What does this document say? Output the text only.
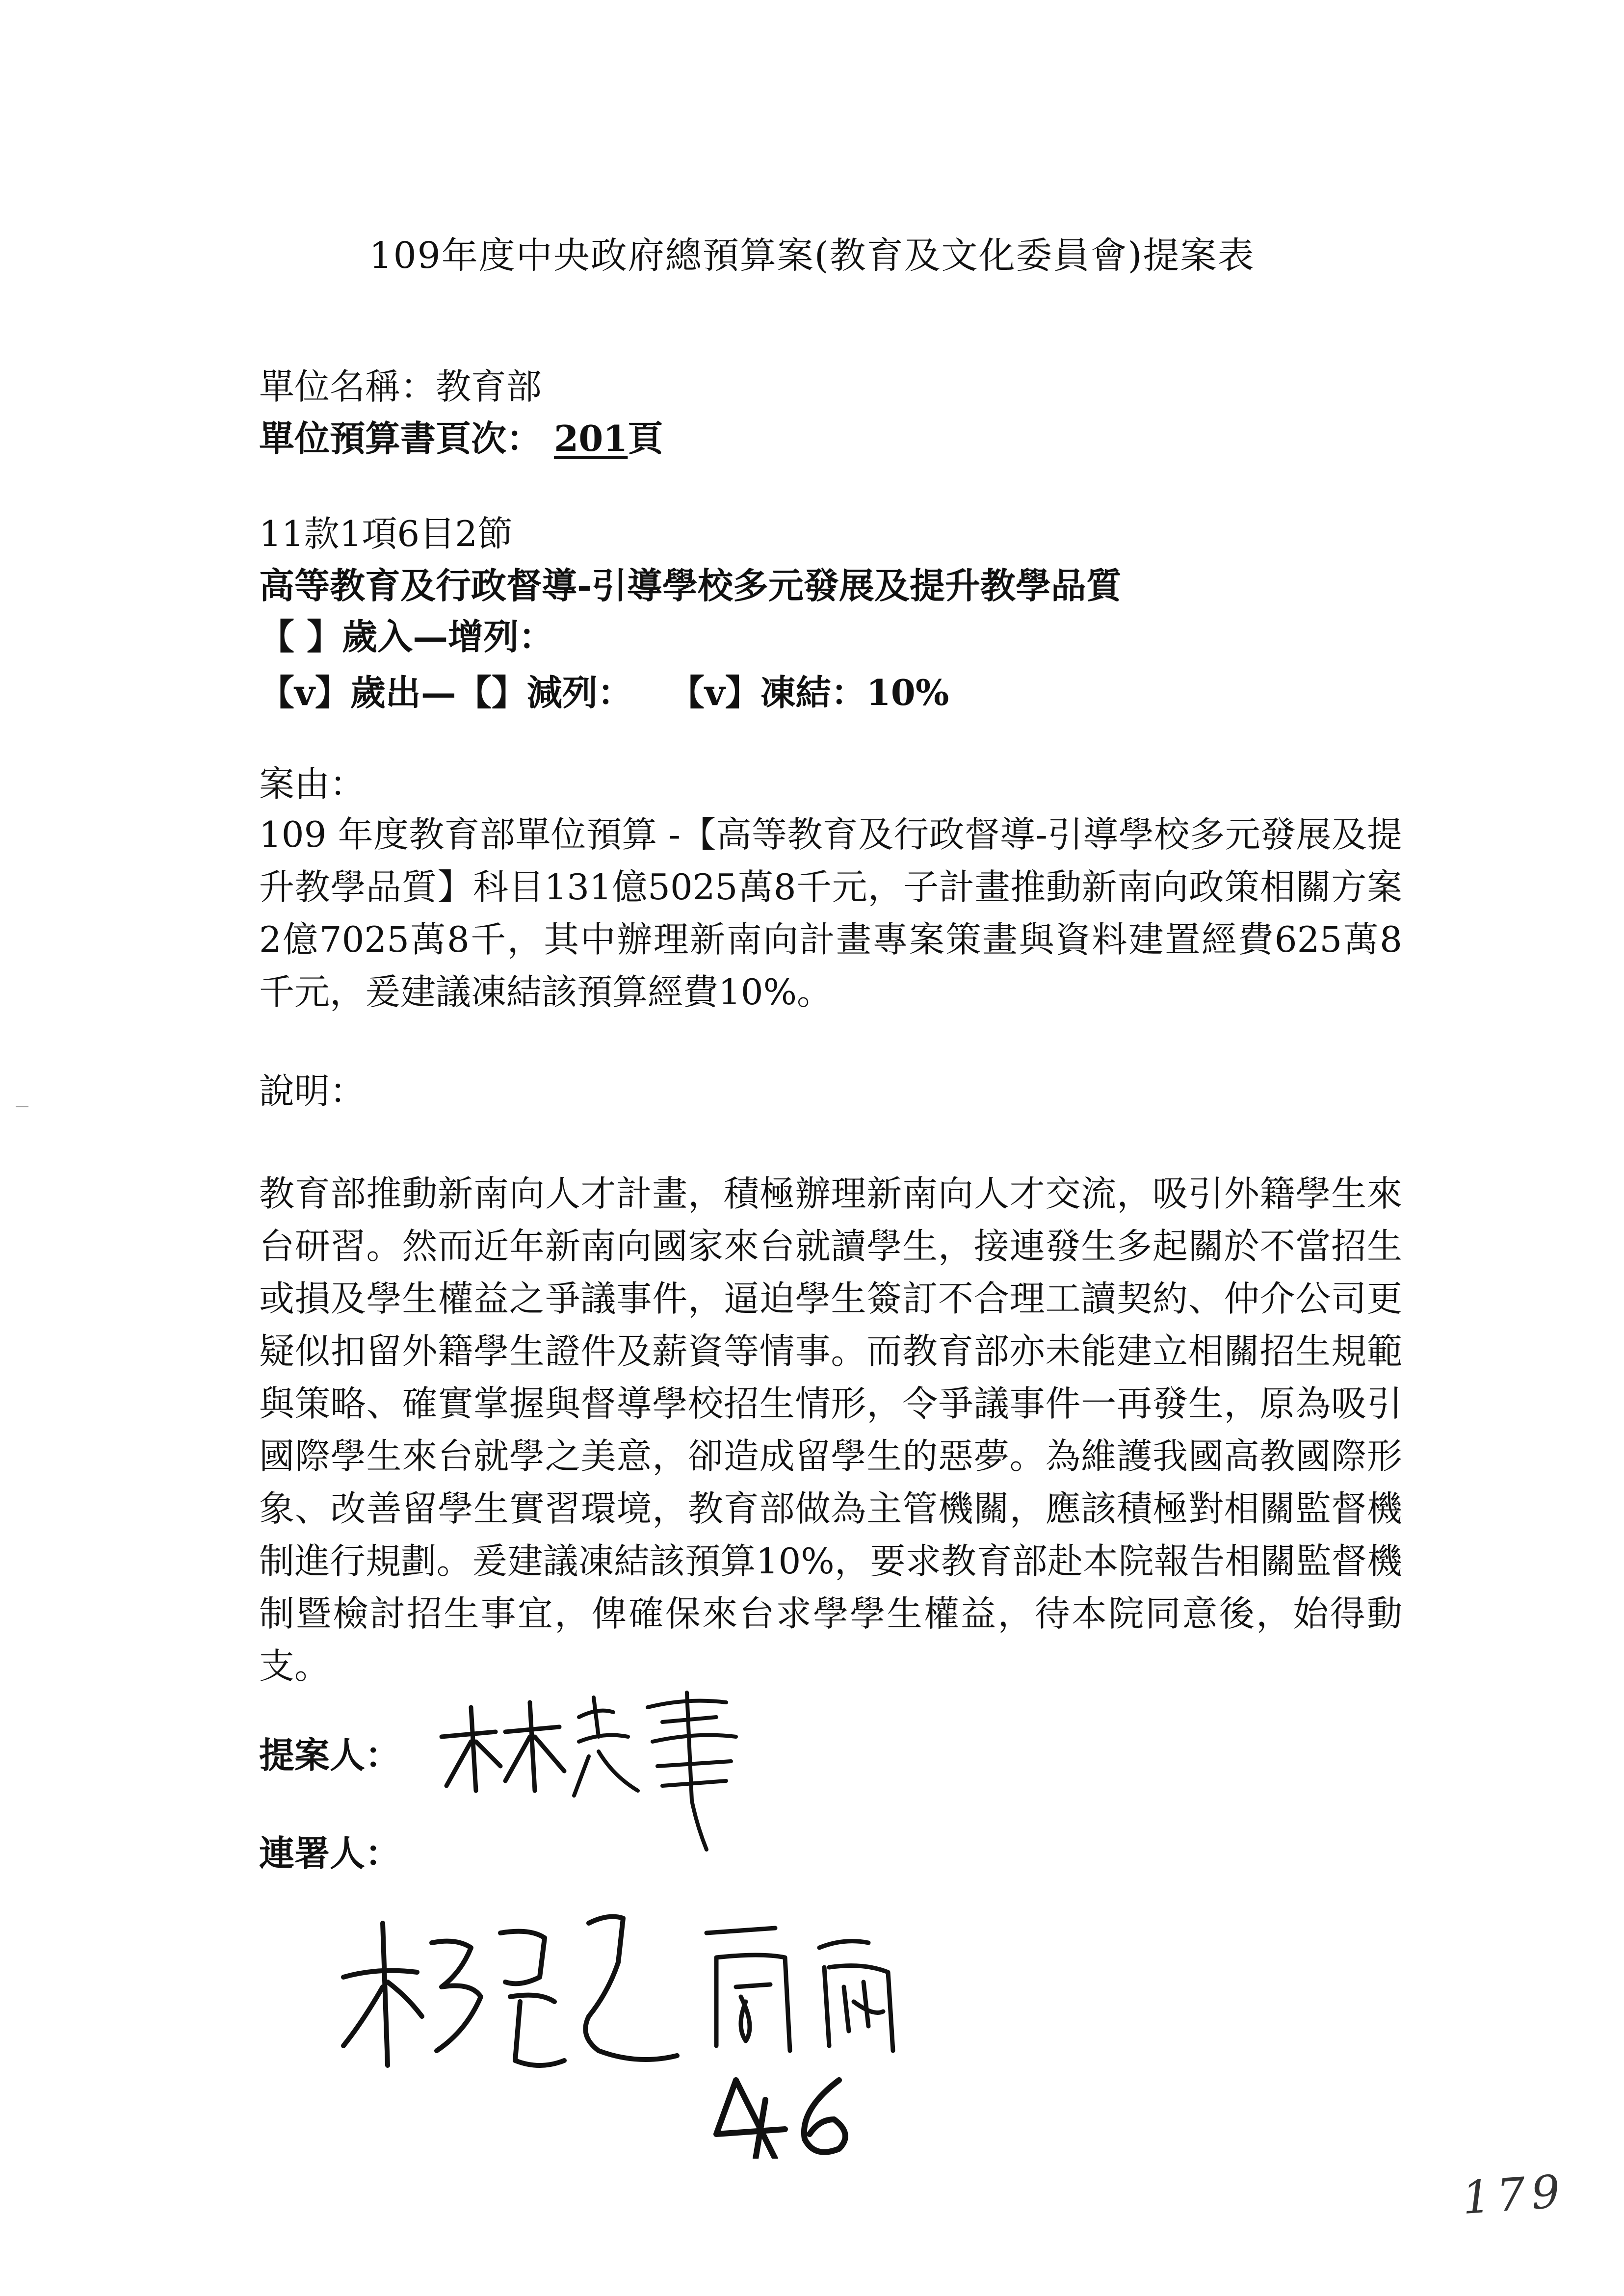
109年度中央政府總預算案(教育及文化委員會)提案表
單位名稱：教育部
單位預算書頁次： 201頁
11款1項6目2節
高等教育及行政督導-引導學校多元發展及提升教學品質
【 】歲入—增列：
【v】歲出—【】減列： 【v】凍結：10%
案由：
109 年度教育部單位預算 -【高等教育及行政督導-引導學校多元發展及提升教學品質】科目131億5025萬8千元，子計畫推動新南向政策相關方案2億7025萬8千，其中辦理新南向計畫專案策畫與資料建置經費625萬8千元，爰建議凍結該預算經費10%。
說明：
教育部推動新南向人才計畫，積極辦理新南向人才交流，吸引外籍學生來台研習。然而近年新南向國家來台就讀學生，接連發生多起關於不當招生或損及學生權益之爭議事件，逼迫學生簽訂不合理工讀契約、仲介公司更疑似扣留外籍學生證件及薪資等情事。而教育部亦未能建立相關招生規範與策略、確實掌握與督導學校招生情形，令爭議事件一再發生，原為吸引國際學生來台就學之美意，卻造成留學生的惡夢。為維護我國高教國際形象、改善留學生實習環境，教育部做為主管機關，應該積極對相關監督機制進行規劃。爰建議凍結該預算10%，要求教育部赴本院報告相關監督機制暨檢討招生事宜，俾確保來台求學學生權益，待本院同意後，始得動支。
提案人：
連署人：
179
